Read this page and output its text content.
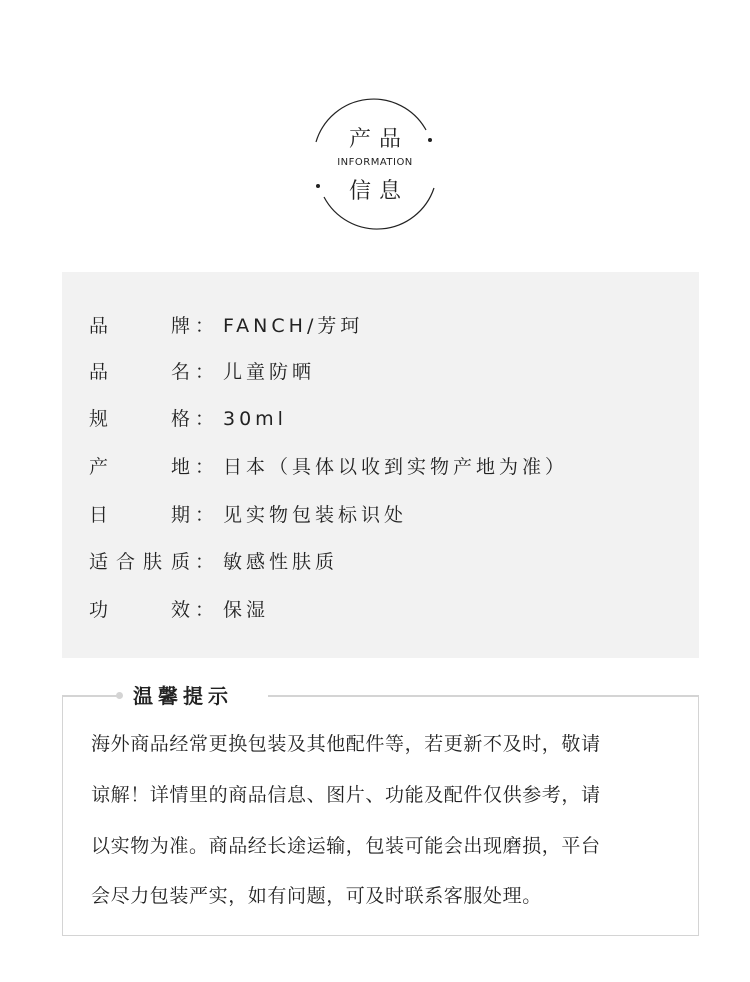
产品
INFORMATION
信息
品	牌 ： FANCH/芳珂
品	名 ： 儿童防晒
规	格 ： 30ml
产	地 ： 日本（具体以收到实物产地为准）
日	期 ： 见实物包装标识处
适 合 肤 质 ： 敏感性肤质
功	效 ： 保湿
温馨提示
海外商品经常更换包装及其他配件等，若更新不及时，敬请
谅解！详情里的商品信息、图片、功能及配件仅供参考，请
以实物为准。商品经长途运输，包装可能会出现磨损，平台
会尽力包装严实，如有问题，可及时联系客服处理。
